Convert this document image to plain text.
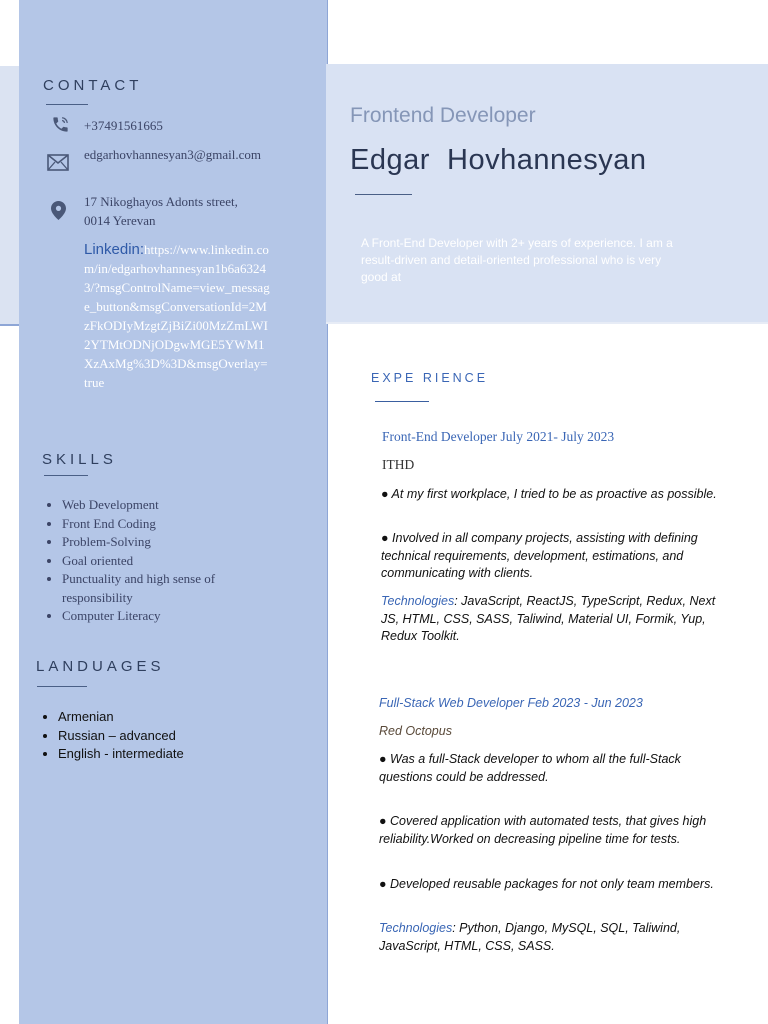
CONTACT
+37491561665
edgarhovhannesyan3@gmail.com
17 Nikoghayos Adonts street, 0014 Yerevan
Linkedin:https://www.linkedin.com/in/edgarhovhannesyan1b6a63243/?msgControlName=view_message_button&msgConversationId=2MzFkODIyMzgtZjBiZi00MzZmLWI2YTMtODNjODgwMGE5YWM1XzAxMg%3D%3D&msgOverlay=true
SKILLS
• Web Development
• Front End Coding
• Problem-Solving
• Goal oriented
• Punctuality and high sense of responsibility
• Computer Literacy
LANDUAGES
• Armenian
• Russian – advanced
• English - intermediate
Frontend Developer
Edgar  Hovhannesyan
A Front-End Developer with 2+ years of experience. I am a result-driven and detail-oriented professional who is very good at
EXPE RIENCE
Front-End Developer July 2021- July 2023
ITHD
● At my first workplace, I tried to be as proactive as possible.
● Involved in all company projects, assisting with defining technical requirements, development, estimations, and communicating with clients.
Technologies: JavaScript, ReactJS, TypeScript, Redux, Next JS, HTML, CSS, SASS, Taliwind, Material UI, Formik, Yup, Redux Toolkit.
Full-Stack Web Developer Feb 2023 - Jun 2023
Red Octopus
● Was a full-Stack developer to whom all the full-Stack questions could be addressed.
● Covered application with automated tests, that gives high reliability.Worked on decreasing pipeline time for tests.
● Developed reusable packages for not only team members.
Technologies: Python, Django, MySQL, SQL, Taliwind, JavaScript, HTML, CSS, SASS.
